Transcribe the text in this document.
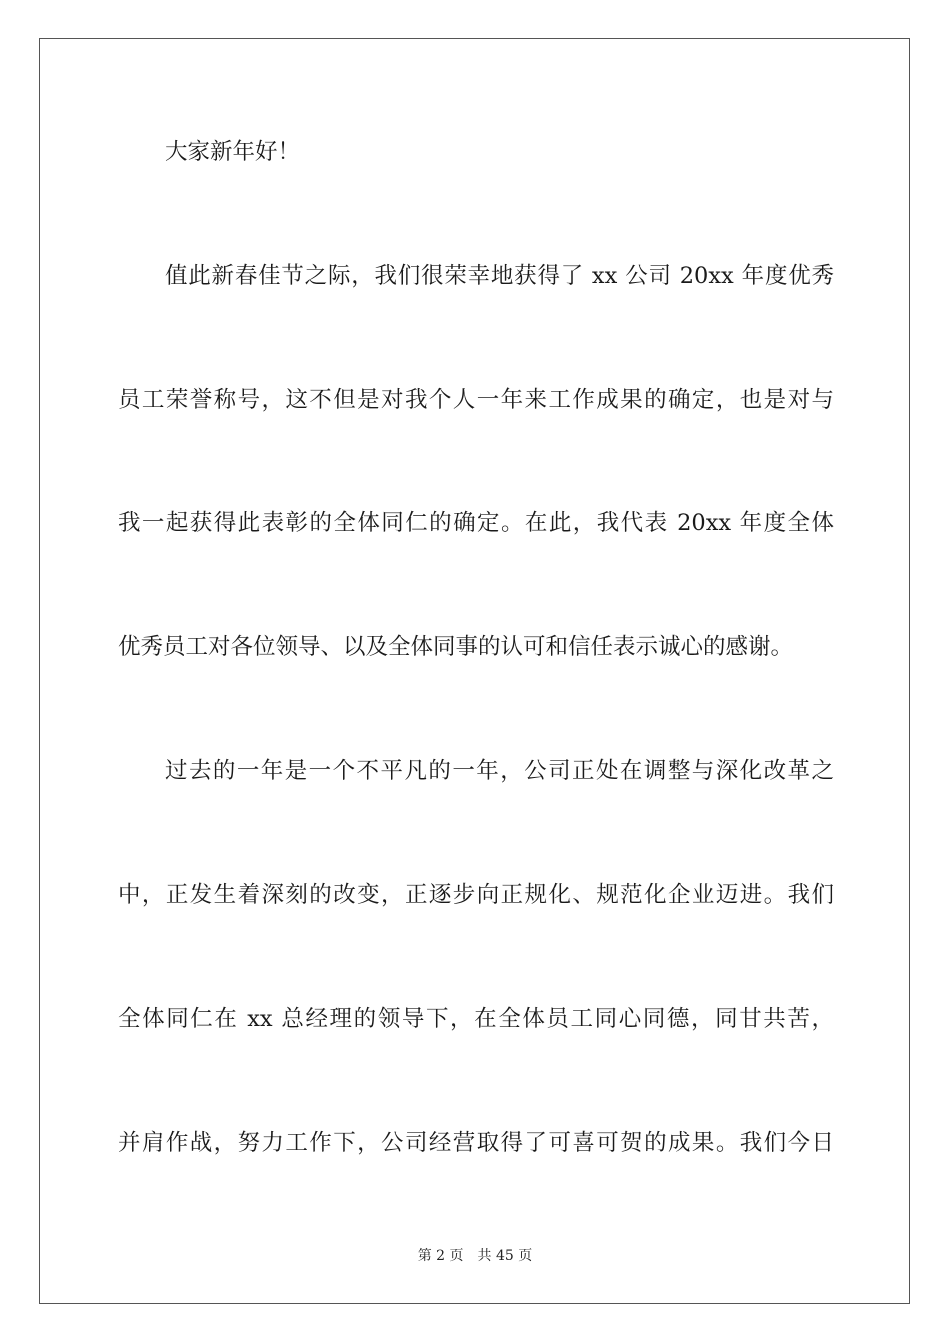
大家新年好！
值此新春佳节之际，我们很荣幸地获得了 xx 公司 20xx 年度优秀
员工荣誉称号，这不但是对我个人一年来工作成果的确定，也是对与
我一起获得此表彰的全体同仁的确定。在此，我代表 20xx 年度全体
优秀员工对各位领导、以及全体同事的认可和信任表示诚心的感谢。
过去的一年是一个不平凡的一年，公司正处在调整与深化改革之
中，正发生着深刻的改变，正逐步向正规化、规范化企业迈进。我们
全体同仁在 xx 总经理的领导下，在全体员工同心同德，同甘共苦，
并肩作战，努力工作下，公司经营取得了可喜可贺的成果。我们今日
第 2 页 共 45 页
